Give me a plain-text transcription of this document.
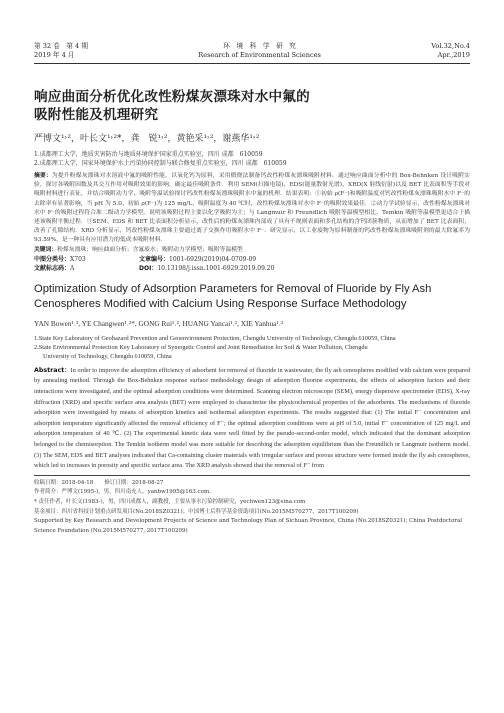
第 32 卷　第 4 期
2019 年 4 月
环　境　科　学　研　究
Research of Environmental Sciences
Vol.32,No.4
Apr.,2019
响应曲面分析优化改性粉煤灰漂珠对水中氟的
吸附性能及机理研究
严博文¹˒²，叶长文¹˒²*，龚　锐¹˒²，黄艳采¹˒²，谢燕华¹˒²
1.成都理工大学，地质灾害防治与地质环境保护国家重点实验室，四川 成都　610059
2.成都理工大学，国家环境保护水土污染协同控制与联合修复重点实验室，四川 成都　610059
摘要：为提升粉煤灰漂珠对水溶液中氟的吸附性能，以氧化钙为原料，采用煅烧法制备钙改性粉煤灰漂珠吸附材料．通过响应曲面分析中的 Box-Behnken 设计吸附实验，探讨各吸附因数及其交互作用对吸附效果的影响，确定最佳吸附条件．利用 SEM(扫描电镜)、EDS(能量散射光谱)、XRD(X 射线衍射)以及 BET 比表面积等手段对吸附材料进行表征，并结合吸附动力学、吸附等温试验探讨钙改性粉煤灰漂珠吸附水中氟的机理．结果表明：①初始 ρ(F⁻)和吸附温度对钙改性粉煤灰漂珠吸附水中 F⁻的去除率有显著影响，当 pH 为 5.0、初始 ρ(F⁻)为 125 mg/L、吸附温度为 40 ℃时，改性粉煤灰漂珠对水中 F⁻的吸附效果最佳．②动力学试验显示，改性粉煤灰漂珠对水中 F⁻的吸附过程符合准二级动力学模型，说明该吸附过程主要以化学吸附为主；与 Langmuir 和 Freundlich 吸附等温模型相比，Temkin 吸附等温模型更适合于描述该吸附平衡过程．③SEM、EDS 和 BET 比表面积分析显示，改性后的粉煤灰漂珠内部成了具有不规则表面和多孔结构的含钙团簇物质，从而增加了 BET 比表面积，改善了孔隙结构．XRD 分析显示，钙改性粉煤灰漂珠主要通过离子交换作用吸附水中 F⁻．研究显示，以工业废物为原料制备的钙改性粉煤灰漂珠吸附剂的最大除氟率为 93.59%，是一种具有应用潜力的低成本吸附材料．
关键词：粉煤灰漂珠；响应曲面分析；含氟废水；吸附动力学模型；吸附等温模型
中图分类号：X703	文章编号：1001-6929(2019)04-0709-09
文献标志码：A	DOI：10.13198/j.issn.1001-6929.2019.09.20
Optimization Study of Adsorption Parameters for Removal of Fluoride by Fly Ash
Cenospheres Modified with Calcium Using Response Surface Methodology
YAN Bowen¹˒², YE Changwen¹˒²*, GONG Rui¹˒², HUANG Yancai¹˒², XIE Yanhua¹˒²
1.State Key Laboratory of Geohazard Prevention and Geoenvironment Protection, Chengdu University of Technology, Chengdu 610059, China
2.State Environmental Protection Key Laboratory of Synergetic Control and Joint Remediation for Soil & Water Pollution, Chengdu
University of Technology, Chengdu 610059, China
Abstract：In order to improve the adsorption efficiency of adsorbent for removal of fluoride in wastewater, the fly ash cenospheres modified with calcium were prepared by annealing method. Through the Box-Behnken response surface methodology design of adsorption fluorine experiments, the effects of adsorption factors and their interactions were investigated, and the optimal adsorption conditions were determined. Scanning electron microscope (SEM), energy dispersive spectrometer (EDS), X-ray diffraction (XRD) and specific surface area analysis (BET) were employed to characterize the physicochemical properties of the adsorbents. The mechanisms of fluoride adsorption were investigated by means of adsorption kinetics and isothermal adsorption experiments. The results suggested that: (1) The initial F⁻ concentration and adsorption temperature significantly affected the removal efficiency of F⁻; the optimal adsorption conditions were at pH of 5.0, initial F⁻ concentration of 125 mg/L and adsorption temperature of 40 ℃. (2) The experimental kinetic data were well fitted by the pseudo-second-order model, which indicated that the dominant adsorption belonged to the chemisorption. The Temkin isotherm model was more suitable for describing the adsorption equilibrium than the Freundlich or Langmuir isotherm model. (3) The SEM, EDS and BET analyses indicated that Ca-containing cluster materials with irregular surface and porous structure were formed inside the fly ash cenospheres, which led to increases in porosity and specific surface area. The XRD analysis showed that the removal of F⁻ from
收稿日期：2018-04-18　　修订日期：2018-08-27
作者简介：严博文(1995-)，男，四川南充人，yanbw1995@163.com.
* 责任作者，叶长文(1983-)，男，四川成都人，副教授，主要从事水污染控制研究，yechwen123@sina.com
基金项目：四川省科技计划重点研发项目(No.2018SZ0321)；中国博士后科学基金资助项目(No.2015M570277，2017T100209)
Supported by Key Research and Development Projects of Science and Technology Plan of Sichuan Province, China (No.2018SZ0321); China Postdoctoral
Science Foundation (No.2015M570277, 2017T100209)
